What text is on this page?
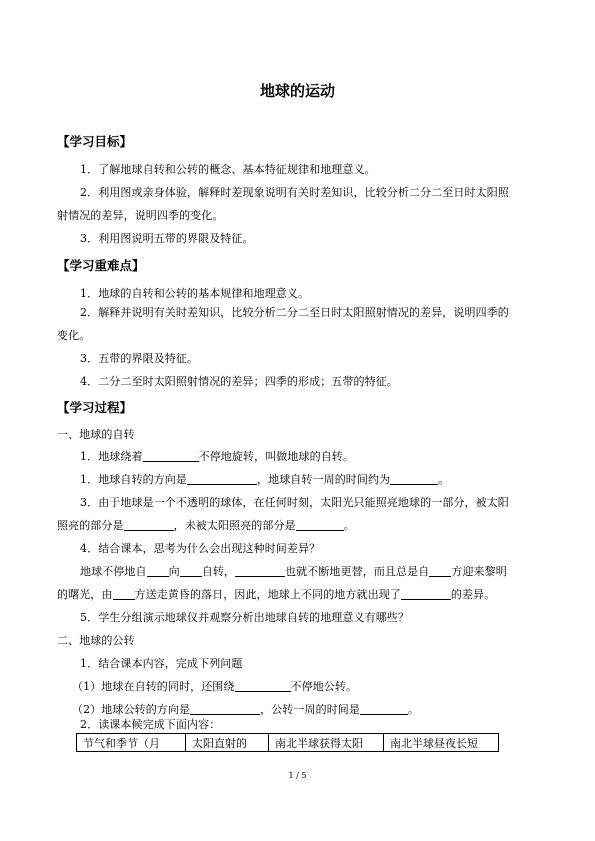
地球的运动
【学习目标】
1．了解地球自转和公转的概念、基本特征规律和地理意义。
2．利用图或亲身体验，解释时差现象说明有关时差知识，比较分析二分二至日时太阳照
射情况的差异，说明四季的变化。
3．利用图说明五带的界限及特征。
【学习重难点】
1．地球的自转和公转的基本规律和地理意义。
2．解释并说明有关时差知识，比较分析二分二至日时太阳照射情况的差异，说明四季的
变化。
3．五带的界限及特征。
4．二分二至时太阳照射情况的差异；四季的形成；五带的特征。
【学习过程】
一、地球的自转
1．地球绕着	不停地旋转，叫做地球的自转。
1．地球自转的方向是	，地球自转一周的时间约为	。
3．由于地球是一个不透明的球体，在任何时刻，太阳光只能照亮地球的一部分，被太阳
照亮的部分是	，未被太阳照亮的部分是	。
4．结合课本，思考为什么会出现这种时间差异？
地球不停地自 向 自转，	也就不断地更替，而且总是自 方迎来黎明
的曙光，由 方送走黄昏的落日，因此，地球上不同的地方就出现了	的差异。
5．学生分组演示地球仪并观察分析出地球自转的地理意义有哪些？
二、地球的公转
1．结合课本内容，完成下列问题
（1）地球在自转的同时，还围绕	不停地公转。
（2）地球公转的方向是	，公转一周的时间是	。
2．读课本候完成下面内容：
节气和季节（月	太阳直射的	南北半球获得太阳	南北半球昼夜长短
1 / 5
